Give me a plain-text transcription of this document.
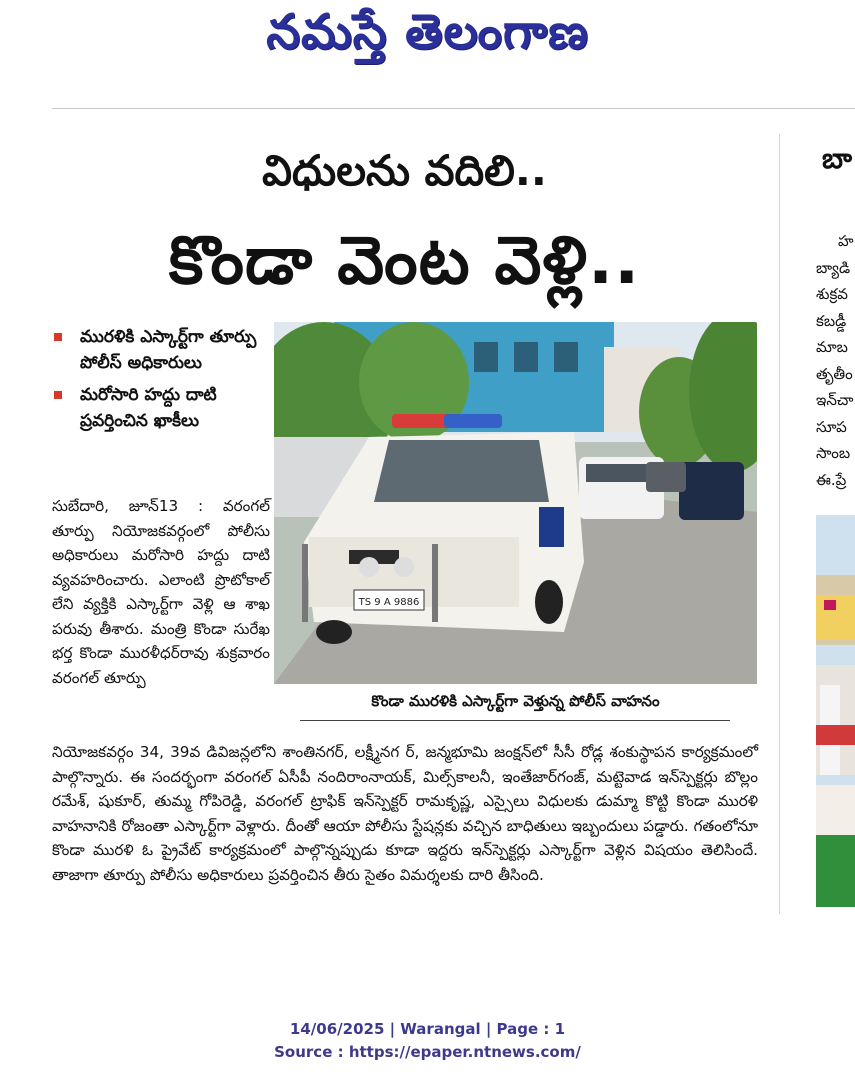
నమస్తే తెలంగాణ
విధులను వదిలి..
కొండా వెంట వెళ్లి..
మురళికి ఎస్కార్ట్‌గా తూర్పు పోలీస్ అధికారులు
మరోసారి హద్దు దాటి ప్రవర్తించిన ఖాకీలు
సుబేదారి, జూన్13 : వరంగల్ తూర్పు నియోజకవర్గంలో పోలీసు అధికారులు మరోసారి హద్దు దాటి వ్యవహరించారు. ఎలాంటి ప్రొటోకాల్ లేని వ్యక్తికి ఎస్కార్ట్‌గా వెళ్లి ఆ శాఖ పరువు తీశారు. మంత్రి కొండా సురేఖ భర్త కొండా మురళీధర్‌రావు శుక్రవారం వరంగల్ తూర్పు
TS 9 A 9886
కొండా మురళికి ఎస్కార్ట్‌గా వెళ్తున్న పోలీస్ వాహనం
నియోజకవర్గం 34, 39వ డివిజన్లలోని శాంతినగర్, లక్ష్మీనగ ర్, జన్మభూమి జంక్షన్‌లో సీసీ రోడ్ల శంకుస్థాపన కార్యక్రమంలో పాల్గొన్నారు. ఈ సందర్భంగా వరంగల్ ఏసీపీ నందిరాంనాయక్, మిల్స్‌కాలనీ, ఇంతేజార్‌గంజ్, మట్టెవాడ ఇన్‌స్పెక్టర్లు బొల్లం రమేశ్, షుకూర్, తుమ్మ గోపిరెడ్డి, వరంగల్ ట్రాఫిక్ ఇన్‌స్పెక్టర్ రామకృష్ణ, ఎస్సైలు విధులకు డుమ్మా కొట్టి కొండా మురళి వాహనానికి రోజంతా ఎస్కార్ట్‌గా వెళ్లారు. దీంతో ఆయా పోలీసు స్టేషన్లకు వచ్చిన బాధితులు ఇబ్బందులు పడ్డారు. గతంలోనూ కొండా మురళి ఓ ప్రైవేట్ కార్యక్రమంలో పాల్గొన్నప్పుడు కూడా ఇద్దరు ఇన్‌స్పెక్టర్లు ఎస్కార్ట్‌గా వెళ్లిన విషయం తెలిసిందే. తాజాగా తూర్పు పోలీసు అధికారులు ప్రవర్తించిన తీరు సైతం విమర్శలకు దారి తీసింది.
బా
హ
బ్యాడి
శుక్రవ
కబడ్డీ
మాబ
తృతీం
ఇన్‌చా
సూప
సాంబ
ఈ.ప్రే
14/06/2025 | Warangal | Page : 1
Source : https://epaper.ntnews.com/
